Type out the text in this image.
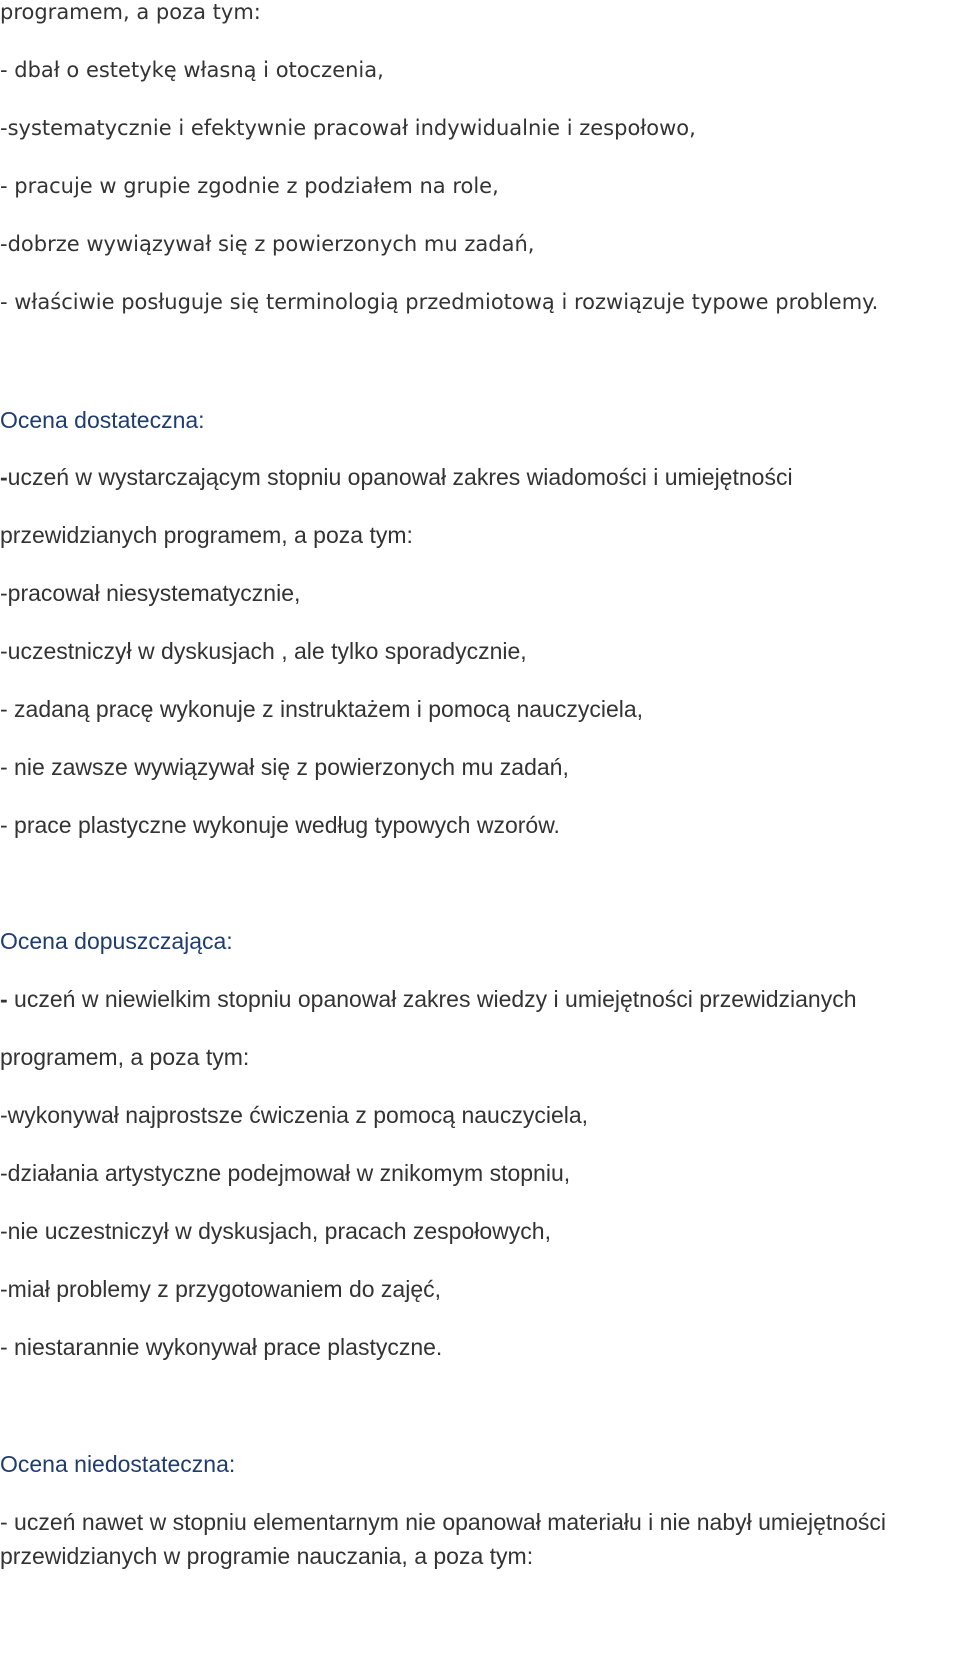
programem, a poza tym:

- dbał o estetykę własną i otoczenia,

-systematycznie i efektywnie pracował indywidualnie i zespołowo,

- pracuje w grupie zgodnie z podziałem na role,

-dobrze wywiązywał się z powierzonych mu zadań,

- właściwie posługuje się terminologią przedmiotową i rozwiązuje typowe problemy.

Ocena dostateczna:

-uczeń w wystarczającym stopniu opanował zakres wiadomości i umiejętności

przewidzianych programem, a poza tym:

-pracował niesystematycznie,

-uczestniczył w dyskusjach , ale tylko sporadycznie,

- zadaną pracę wykonuje z instruktażem i pomocą nauczyciela,

- nie zawsze wywiązywał się z powierzonych mu zadań,

- prace plastyczne wykonuje według typowych wzorów.

Ocena dopuszczająca:

- uczeń w niewielkim stopniu opanował zakres wiedzy i umiejętności przewidzianych

programem, a poza tym:

-wykonywał najprostsze ćwiczenia z pomocą nauczyciela,

-działania artystyczne podejmował w znikomym stopniu,

-nie uczestniczył w dyskusjach, pracach zespołowych,

-miał problemy z przygotowaniem do zajęć,

- niestarannie wykonywał prace plastyczne.

Ocena niedostateczna:

- uczeń nawet w stopniu elementarnym nie opanował materiału i nie nabył umiejętności

przewidzianych w programie nauczania, a poza tym:
